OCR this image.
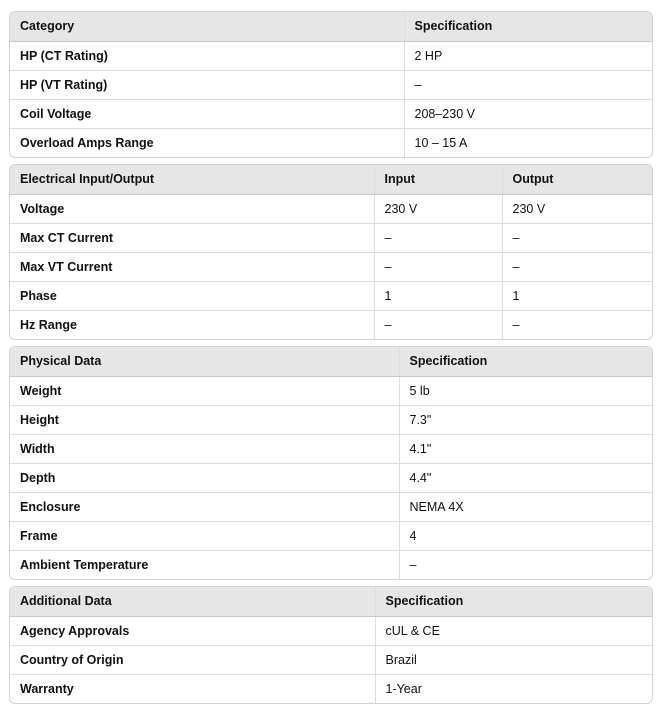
Category	Specification
HP (CT Rating)	2 HP
HP (VT Rating)	–
Coil Voltage	208–230 V
Overload Amps Range	10 – 15 A
Electrical Input/Output	Input	Output
Voltage	230 V	230 V
Max CT Current	–	–
Max VT Current	–	–
Phase	1	1
Hz Range	–	–
Physical Data	Specification
Weight	5 lb
Height	7.3"
Width	4.1"
Depth	4.4"
Enclosure	NEMA 4X
Frame	4
Ambient Temperature	–
Additional Data	Specification
Agency Approvals	cUL & CE
Country of Origin	Brazil
Warranty	1-Year
